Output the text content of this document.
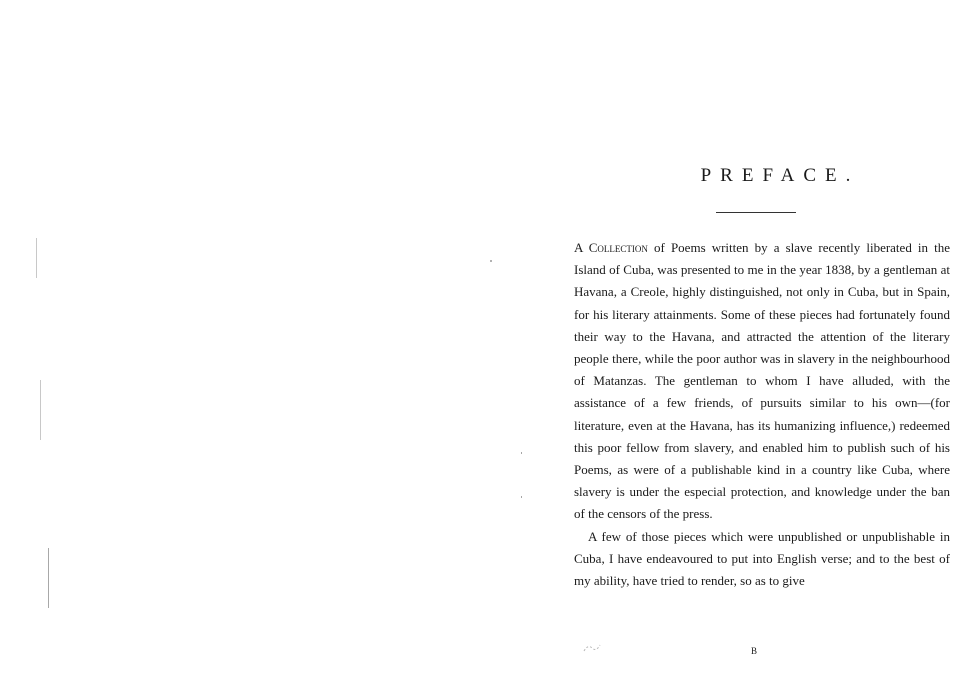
PREFACE.

A Collection of Poems written by a slave recently liberated in the Island of Cuba, was presented to me in the year 1838, by a gentleman at Havana, a Creole, highly distinguished, not only in Cuba, but in Spain, for his literary attainments. Some of these pieces had fortunately found their way to the Havana, and attracted the attention of the literary people there, while the poor author was in slavery in the neighbourhood of Matanzas. The gentleman to whom I have alluded, with the assistance of a few friends, of pursuits similar to his own—(for literature, even at the Havana, has its humanizing influence,) redeemed this poor fellow from slavery, and enabled him to publish such of his Poems, as were of a publishable kind in a country like Cuba, where slavery is under the especial protection, and knowledge under the ban of the censors of the press.

A few of those pieces which were unpublished or unpublishable in Cuba, I have endeavoured to put into English verse; and to the best of my ability, have tried to render, so as to give

B
